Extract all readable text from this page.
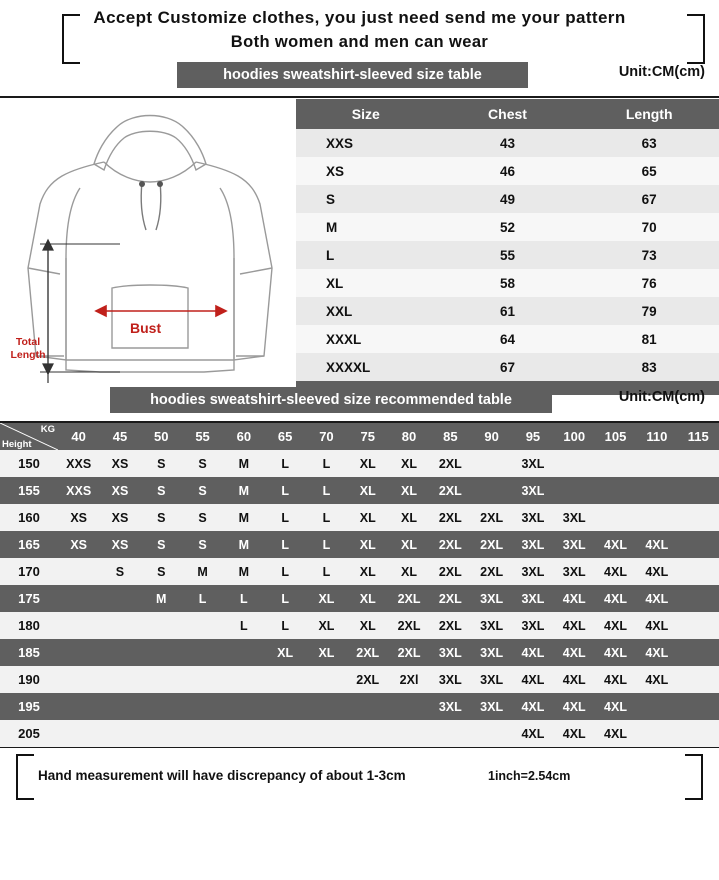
Accept Customize clothes, you just need send me your pattern
Both women and men can wear
hoodies sweatshirt-sleeved size table	Unit:CM(cm)
Bust
Total
Length
Size	Chest	Length
XXS	43	63
XS	46	65
S	49	67
M	52	70
L	55	73
XL	58	76
XXL	61	79
XXXL	64	81
XXXXL	67	83

hoodies sweatshirt-sleeved size recommended table	Unit:CM(cm)
KG
Height	40	45	50	55	60	65	70	75	80	85	90	95	100	105	110	115
150	XXS	XS	S	S	M	L	L	XL	XL	2XL		3XL				
155	XXS	XS	S	S	M	L	L	XL	XL	2XL		3XL				
160	XS	XS	S	S	M	L	L	XL	XL	2XL	2XL	3XL	3XL			
165	XS	XS	S	S	M	L	L	XL	XL	2XL	2XL	3XL	3XL	4XL	4XL	
170		S	S	M	M	L	L	XL	XL	2XL	2XL	3XL	3XL	4XL	4XL	
175			M	L	L	L	XL	XL	2XL	2XL	3XL	3XL	4XL	4XL	4XL	
180					L	L	XL	XL	2XL	2XL	3XL	3XL	4XL	4XL	4XL	
185						XL	XL	2XL	2XL	3XL	3XL	4XL	4XL	4XL	4XL	
190								2XL	2Xl	3XL	3XL	4XL	4XL	4XL	4XL	
195										3XL	3XL	4XL	4XL	4XL		
205												4XL	4XL	4XL		
Hand measurement will have discrepancy of about 1-3cm	1inch=2.54cm
